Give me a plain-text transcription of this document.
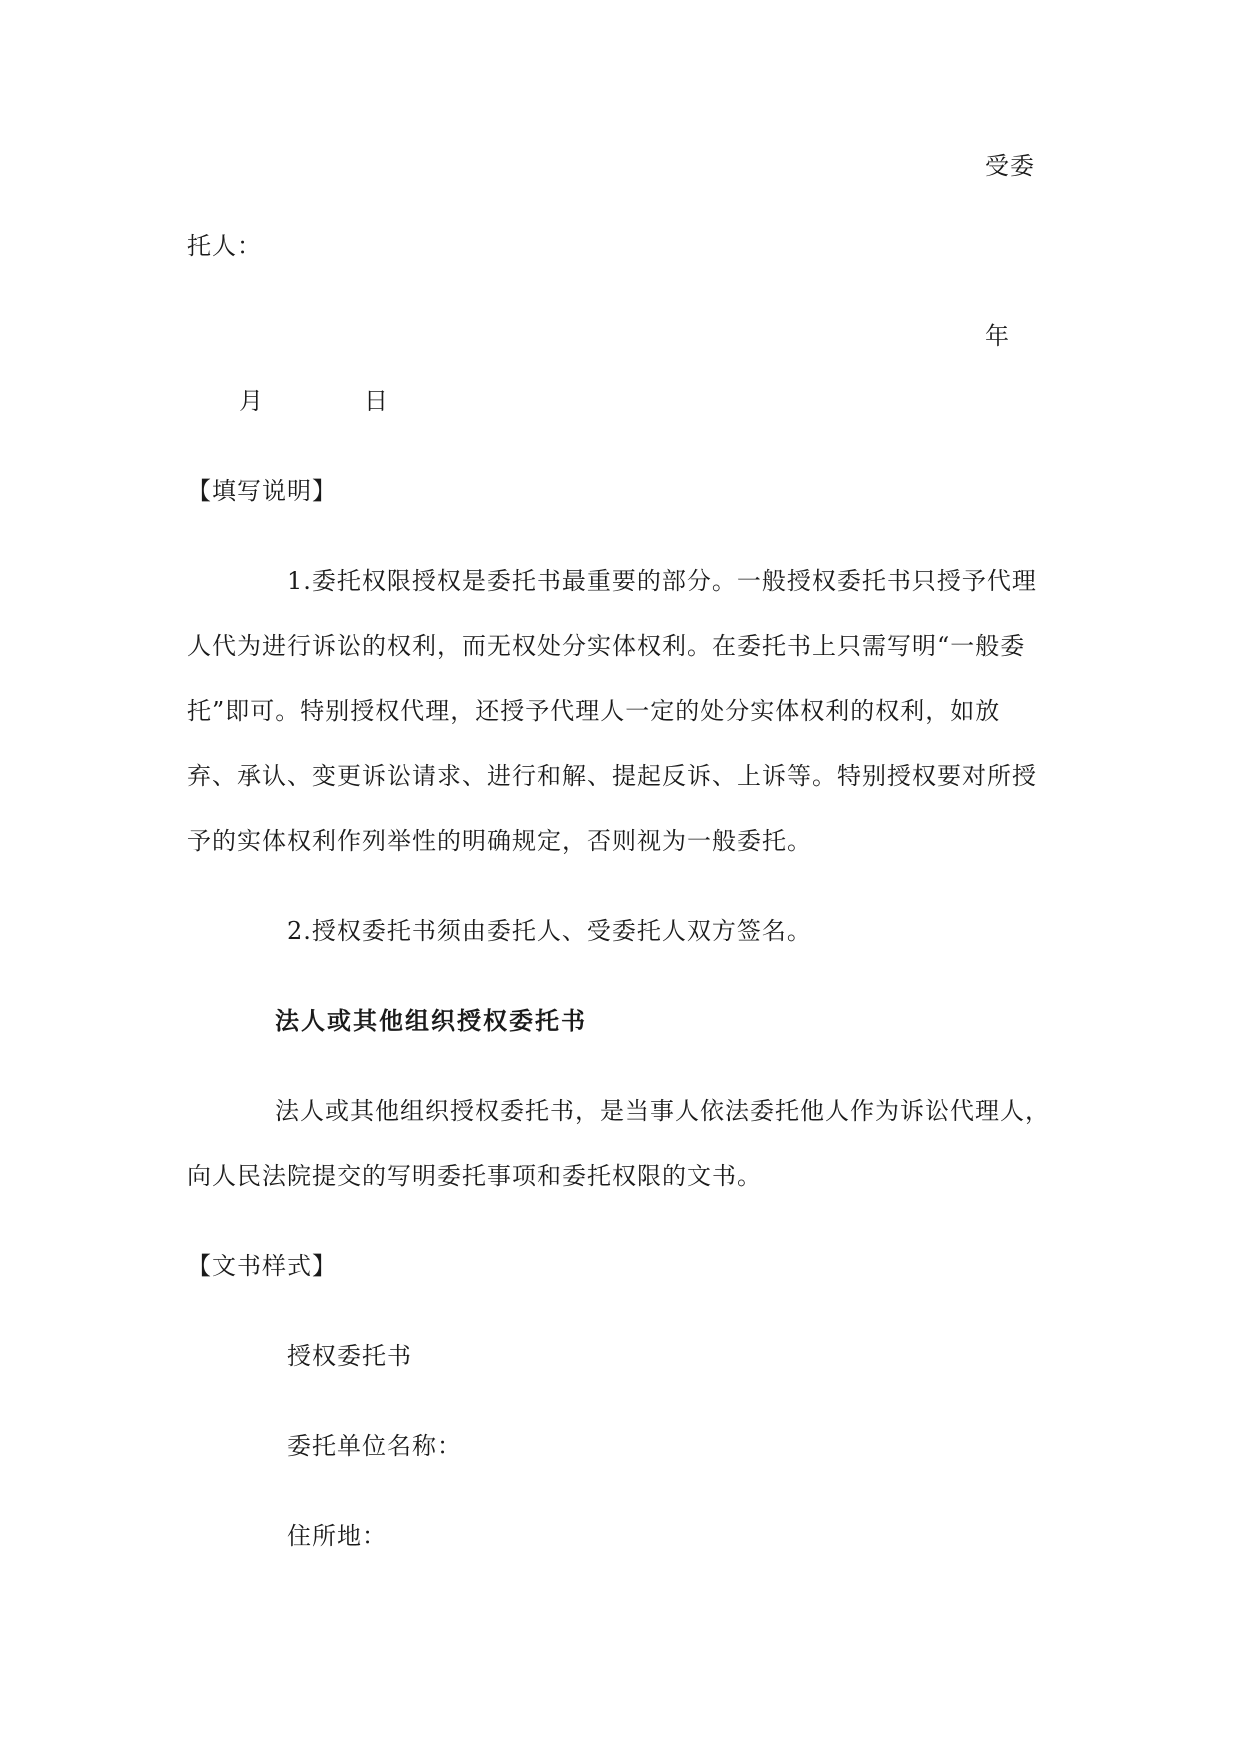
受委

托人：

年

月	日

【填写说明】

1.委托权限授权是委托书最重要的部分。一般授权委托书只授予代理

人代为进行诉讼的权利，而无权处分实体权利。在委托书上只需写明“一般委

托”即可。特别授权代理，还授予代理人一定的处分实体权利的权利，如放

弃、承认、变更诉讼请求、进行和解、提起反诉、上诉等。特别授权要对所授

予的实体权利作列举性的明确规定，否则视为一般委托。

2.授权委托书须由委托人、受委托人双方签名。

法人或其他组织授权委托书

法人或其他组织授权委托书，是当事人依法委托他人作为诉讼代理人，

向人民法院提交的写明委托事项和委托权限的文书。

【文书样式】

授权委托书

委托单位名称：

住所地：
